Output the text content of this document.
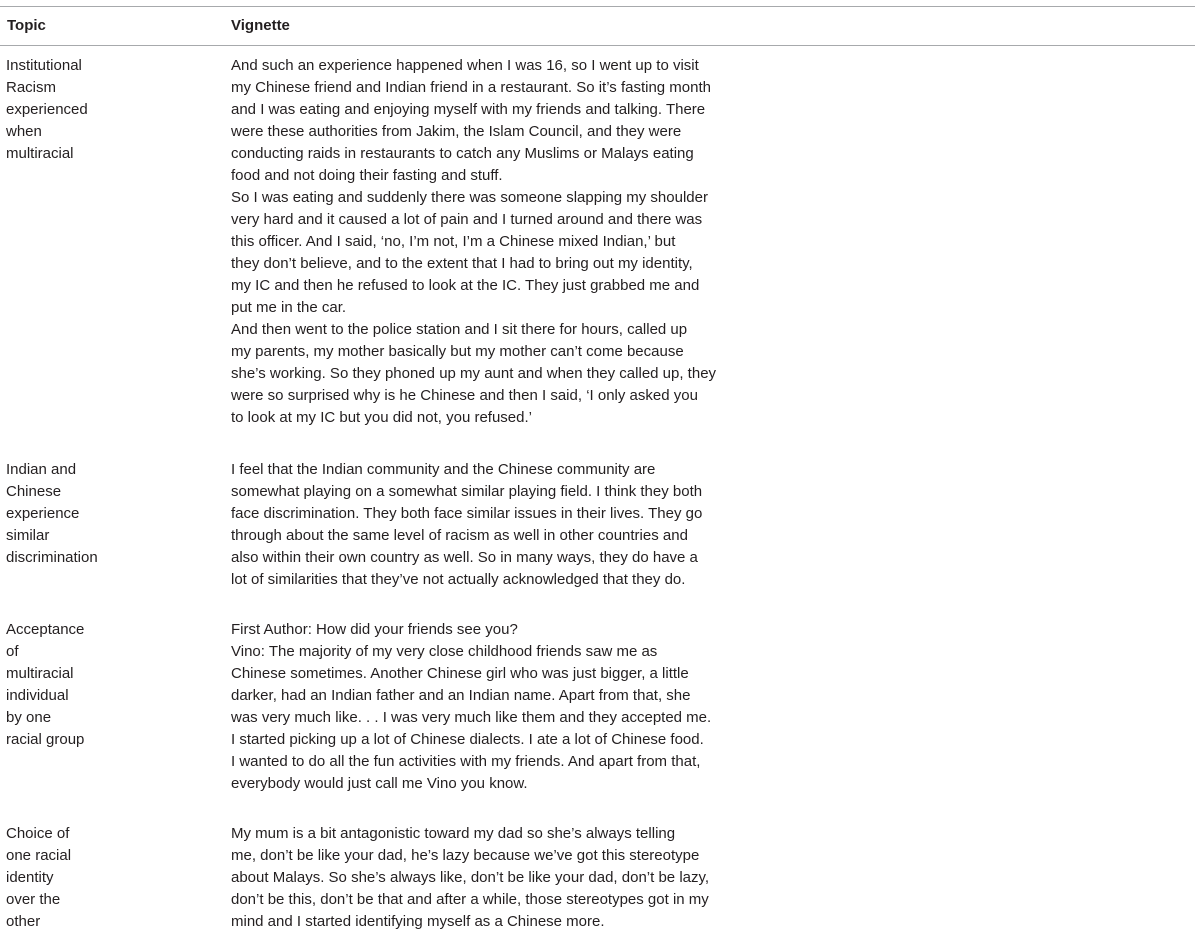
Topic	Vignette
Institutional
Racism
experienced
when
multiracial
And such an experience happened when I was 16, so I went up to visit
my Chinese friend and Indian friend in a restaurant. So it’s fasting month
and I was eating and enjoying myself with my friends and talking. There
were these authorities from Jakim, the Islam Council, and they were
conducting raids in restaurants to catch any Muslims or Malays eating
food and not doing their fasting and stuff.
So I was eating and suddenly there was someone slapping my shoulder
very hard and it caused a lot of pain and I turned around and there was
this officer. And I said, ‘no, I’m not, I’m a Chinese mixed Indian,’ but
they don’t believe, and to the extent that I had to bring out my identity,
my IC and then he refused to look at the IC. They just grabbed me and
put me in the car.
And then went to the police station and I sit there for hours, called up
my parents, my mother basically but my mother can’t come because
she’s working. So they phoned up my aunt and when they called up, they
were so surprised why is he Chinese and then I said, ‘I only asked you
to look at my IC but you did not, you refused.’
Indian and
Chinese
experience
similar
discrimination
I feel that the Indian community and the Chinese community are
somewhat playing on a somewhat similar playing field. I think they both
face discrimination. They both face similar issues in their lives. They go
through about the same level of racism as well in other countries and
also within their own country as well. So in many ways, they do have a
lot of similarities that they’ve not actually acknowledged that they do.
Acceptance
of
multiracial
individual
by one
racial group
First Author: How did your friends see you?
Vino: The majority of my very close childhood friends saw me as
Chinese sometimes. Another Chinese girl who was just bigger, a little
darker, had an Indian father and an Indian name. Apart from that, she
was very much like. . . I was very much like them and they accepted me.
I started picking up a lot of Chinese dialects. I ate a lot of Chinese food.
I wanted to do all the fun activities with my friends. And apart from that,
everybody would just call me Vino you know.
Choice of
one racial
identity
over the
other
My mum is a bit antagonistic toward my dad so she’s always telling
me, don’t be like your dad, he’s lazy because we’ve got this stereotype
about Malays. So she’s always like, don’t be like your dad, don’t be lazy,
don’t be this, don’t be that and after a while, those stereotypes got in my
mind and I started identifying myself as a Chinese more.
